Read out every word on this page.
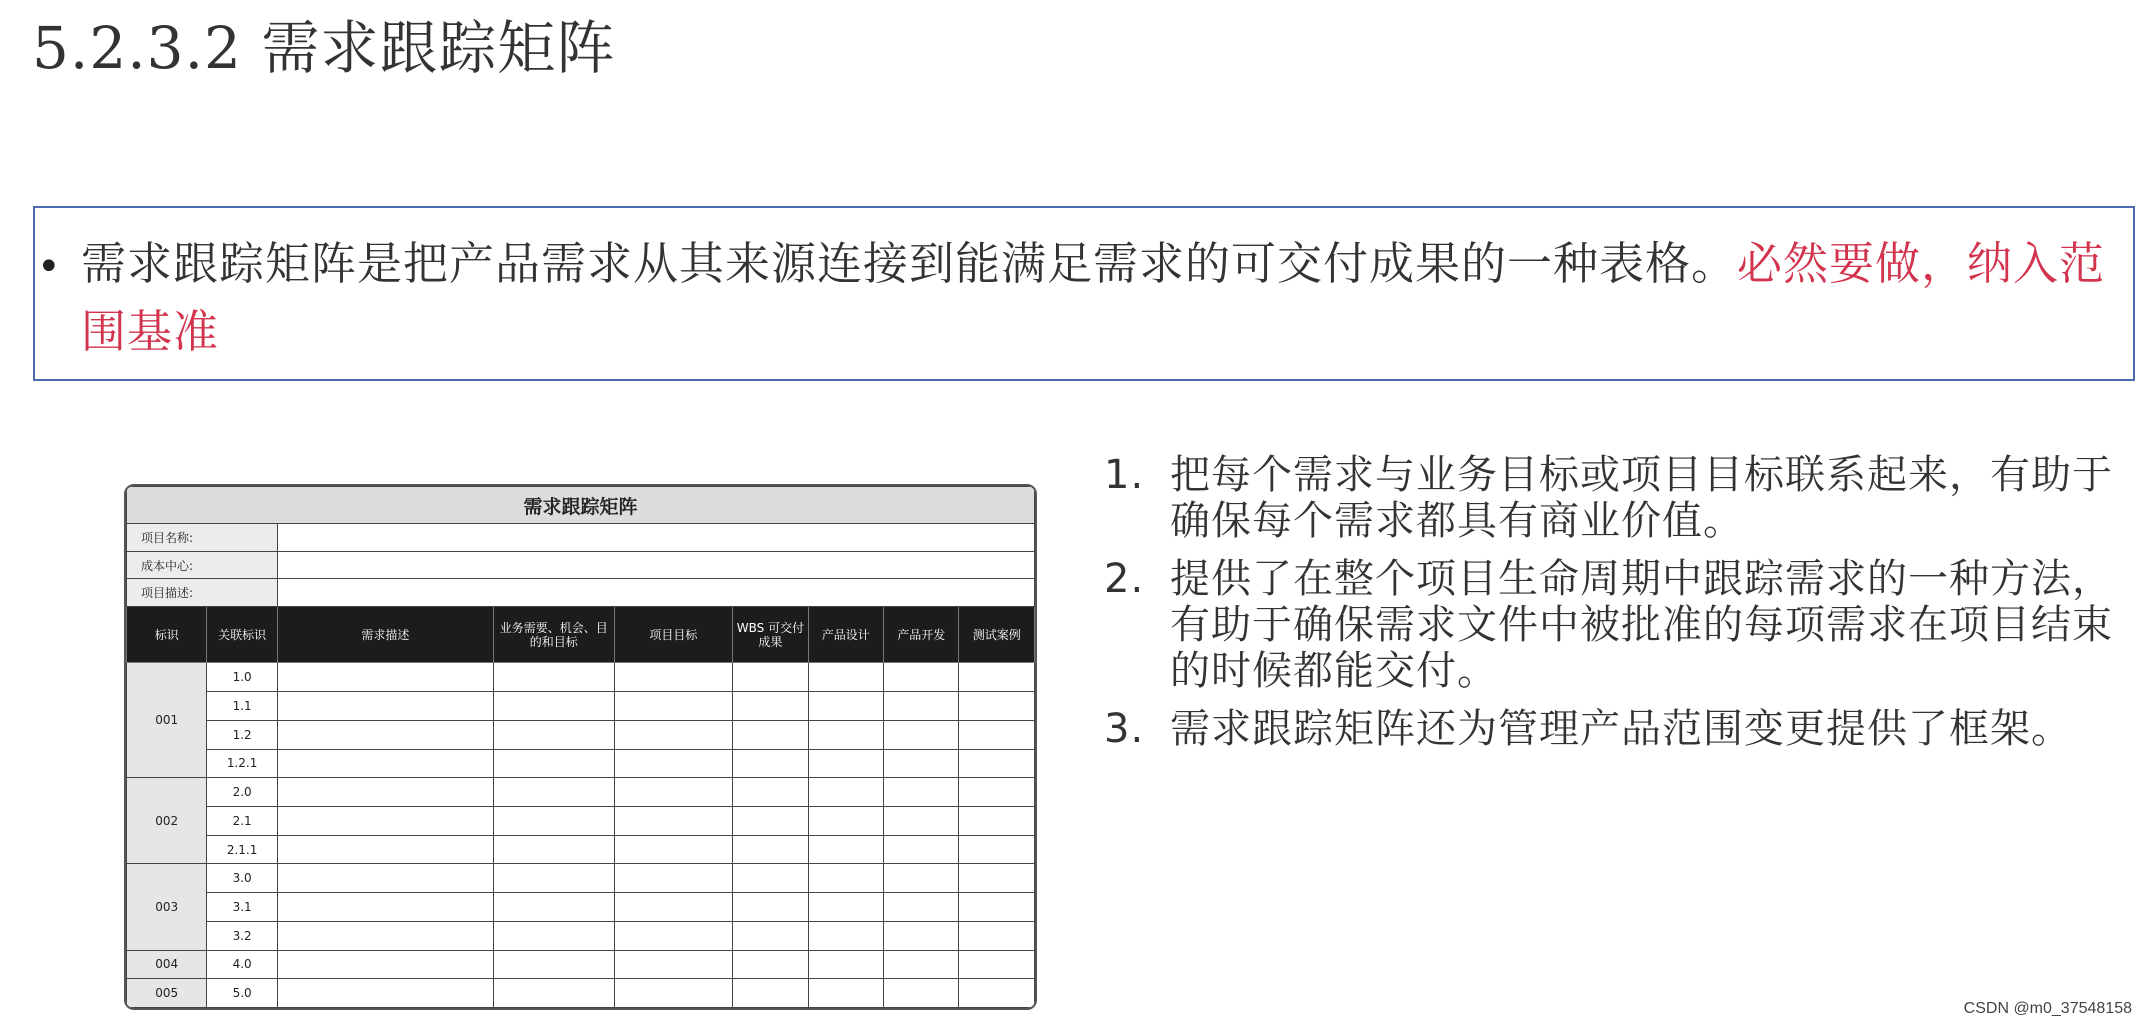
5.2.3.2 需求跟踪矩阵
• 需求跟踪矩阵是把产品需求从其来源连接到能满足需求的可交付成果的一种表格。必然要做，纳入范围基准
需求跟踪矩阵								
项目名称:								
成本中心:								
项目描述:								
标识	关联标识	需求描述	业务需要、机会、目的和目标	项目目标	WBS 可交付成果	产品设计	产品开发	测试案例
001	1.0							
	1.1							
	1.2							
	1.2.1							
002	2.0							
	2.1							
	2.1.1							
003	3.0							
	3.1							
	3.2							
004	4.0							
005	5.0							
1. 把每个需求与业务目标或项目目标联系起来，有助于确保每个需求都具有商业价值。
2. 提供了在整个项目生命周期中跟踪需求的一种方法，有助于确保需求文件中被批准的每项需求在项目结束的时候都能交付。
3. 需求跟踪矩阵还为管理产品范围变更提供了框架。
CSDN @m0_37548158
